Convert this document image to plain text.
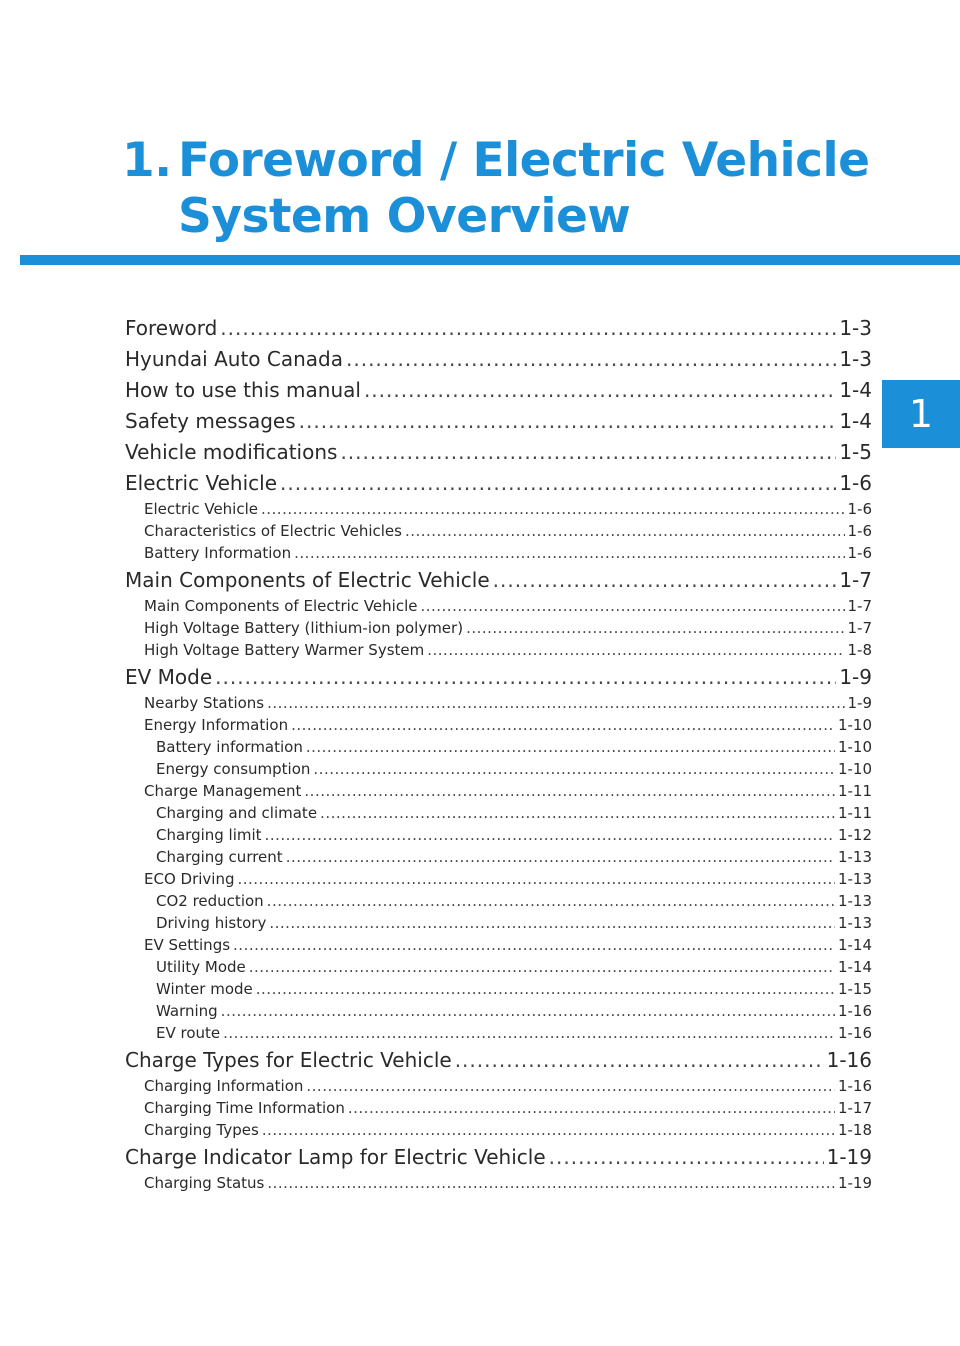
1. Foreword / Electric Vehicle
System Overview
1
Foreword .....	1-3
Hyundai Auto Canada .....	1-3
How to use this manual .....	1-4
Safety messages .....	1-4
Vehicle modifications .....	1-5
Electric Vehicle .....	1-6
Electric Vehicle .....	1-6
Characteristics of Electric Vehicles .....	1-6
Battery Information .....	1-6
Main Components of Electric Vehicle .....	1-7
Main Components of Electric Vehicle .....	1-7
High Voltage Battery (lithium-ion polymer) .....	1-7
High Voltage Battery Warmer System .....	1-8
EV Mode .....	1-9
Nearby Stations .....	1-9
Energy Information .....	1-10
Battery information .....	1-10
Energy consumption .....	1-10
Charge Management .....	1-11
Charging and climate .....	1-11
Charging limit .....	1-12
Charging current .....	1-13
ECO Driving .....	1-13
CO2 reduction .....	1-13
Driving history .....	1-13
EV Settings .....	1-14
Utility Mode .....	1-14
Winter mode .....	1-15
Warning .....	1-16
EV route .....	1-16
Charge Types for Electric Vehicle .....	1-16
Charging Information .....	1-16
Charging Time Information .....	1-17
Charging Types .....	1-18
Charge Indicator Lamp for Electric Vehicle .....	1-19
Charging Status .....	1-19
